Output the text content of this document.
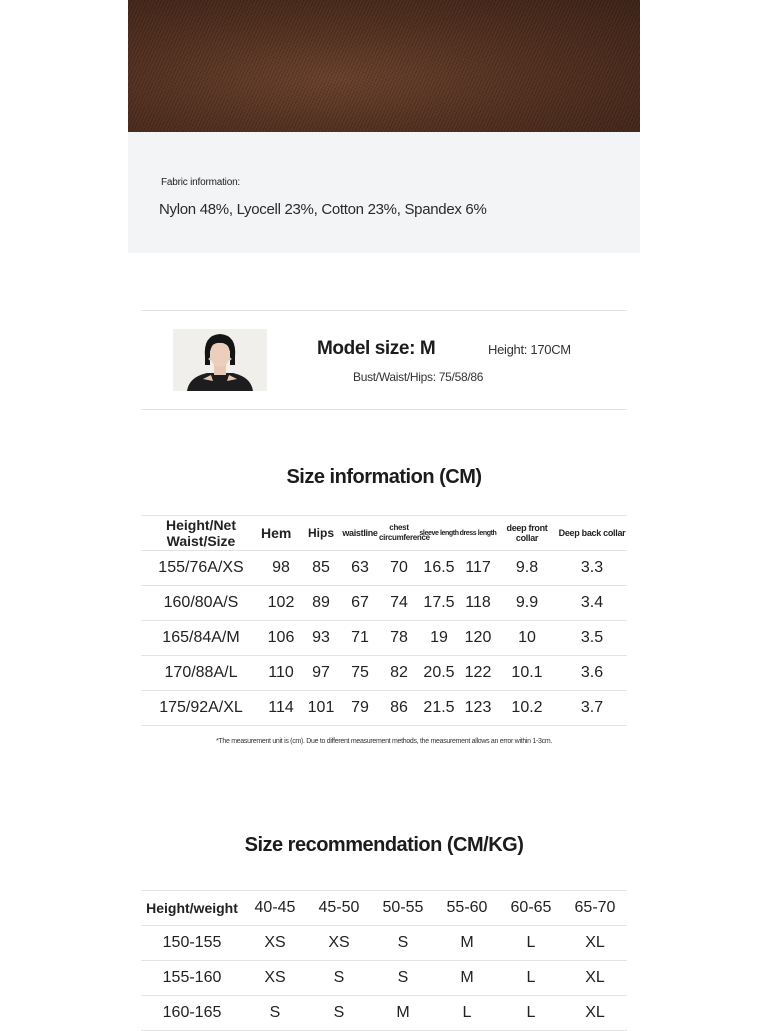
Fabric information:
Nylon 48%, Lyocell 23%, Cotton 23%, Spandex 6%
Model size: M	Height: 170CM
Bust/Waist/Hips: 75/58/86
Size information (CM)
Height/Net Waist/Size	Hem	Hips	waistline	chest circumference	sleeve length	dress length	deep front collar	Deep back collar
155/76A/XS	98	85	63	70	16.5	117	9.8	3.3
160/80A/S	102	89	67	74	17.5	118	9.9	3.4
165/84A/M	106	93	71	78	19	120	10	3.5
170/88A/L	110	97	75	82	20.5	122	10.1	3.6
175/92A/XL	114	101	79	86	21.5	123	10.2	3.7
*The measurement unit is (cm). Due to different measurement methods, the measurement allows an error within 1-3cm.
Size recommendation (CM/KG)
Height/weight	40-45	45-50	50-55	55-60	60-65	65-70
150-155	XS	XS	S	M	L	XL
155-160	XS	S	S	M	L	XL
160-165	S	S	M	L	L	XL
